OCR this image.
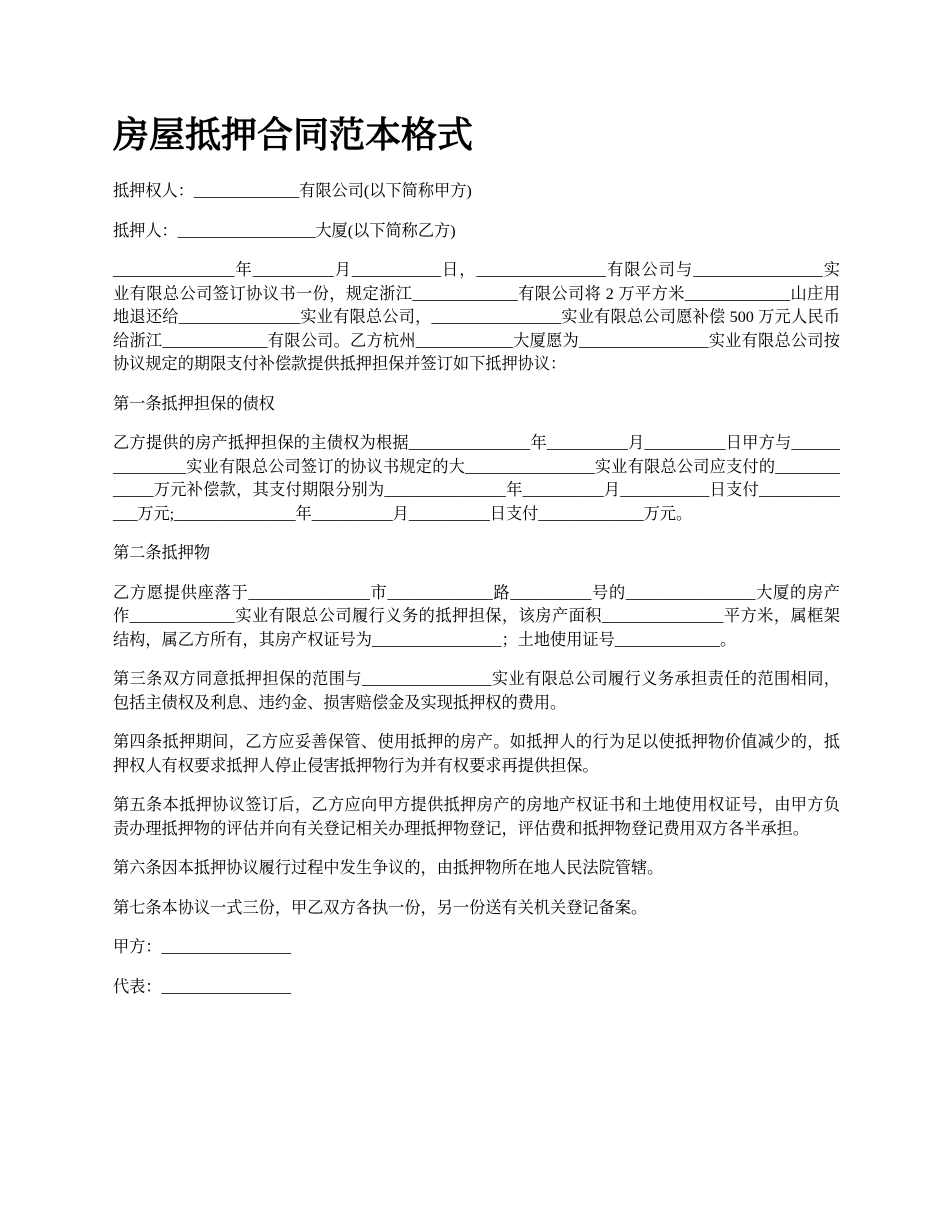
房屋抵押合同范本格式

抵押权人：_____________有限公司(以下简称甲方)

抵押人：_________________大厦(以下简称乙方)

_______________年__________月___________日，________________有限公司与________________实业有限总公司签订协议书一份，规定浙江_____________有限公司将 2 万平方米_____________山庄用地退还给_______________实业有限总公司，________________实业有限总公司愿补偿 500 万元人民币给浙江_____________有限公司。乙方杭州____________大厦愿为________________实业有限总公司按协议规定的期限支付补偿款提供抵押担保并签订如下抵押协议：

第一条抵押担保的债权

乙方提供的房产抵押担保的主债权为根据_______________年__________月__________日甲方与_______________实业有限总公司签订的协议书规定的大________________实业有限总公司应支付的_____________万元补偿款，其支付期限分别为_______________年__________月___________日支付_____________万元;_______________年__________月__________日支付_____________万元。

第二条抵押物

乙方愿提供座落于_______________市_____________路__________号的________________大厦的房产作_____________实业有限总公司履行义务的抵押担保，该房产面积_______________平方米，属框架结构，属乙方所有，其房产权证号为________________；土地使用证号_____________。

第三条双方同意抵押担保的范围与________________实业有限总公司履行义务承担责任的范围相同，包括主债权及利息、违约金、损害赔偿金及实现抵押权的费用。

第四条抵押期间，乙方应妥善保管、使用抵押的房产。如抵押人的行为足以使抵押物价值减少的，抵押权人有权要求抵押人停止侵害抵押物行为并有权要求再提供担保。

第五条本抵押协议签订后，乙方应向甲方提供抵押房产的房地产权证书和土地使用权证号，由甲方负责办理抵押物的评估并向有关登记相关办理抵押物登记，评估费和抵押物登记费用双方各半承担。

第六条因本抵押协议履行过程中发生争议的，由抵押物所在地人民法院管辖。

第七条本协议一式三份，甲乙双方各执一份，另一份送有关机关登记备案。

甲方：________________

代表：________________
